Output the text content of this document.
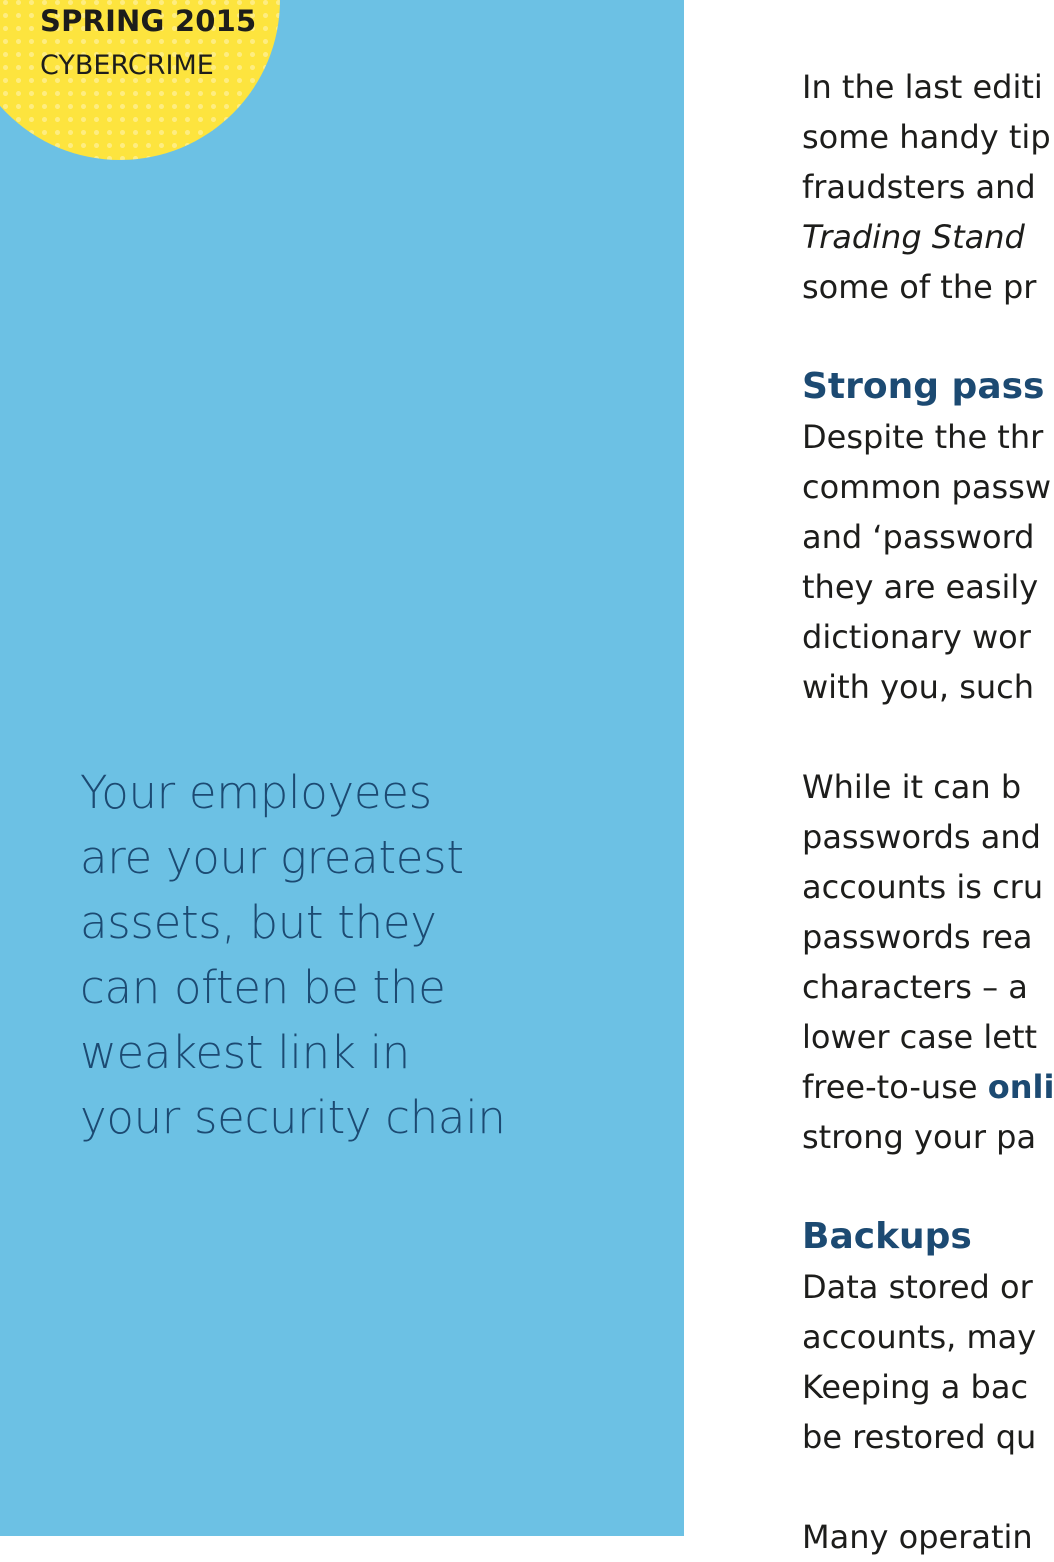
SPRING 2015
CYBERCRIME
Your employees
are your greatest
assets, but they
can often be the
weakest link in
your security chain
In the last editi
some handy tip
fraudsters and
Trading Stand
some of the pr
Strong pass
Despite the thr
common passw
and ‘password
they are easily
dictionary wor
with you, such
While it can b
passwords and
accounts is cru
passwords rea
characters – a
lower case lett
free-to-use onli
strong your pa
Backups
Data stored or
accounts, may
Keeping a bac
be restored qu
Many operatin
